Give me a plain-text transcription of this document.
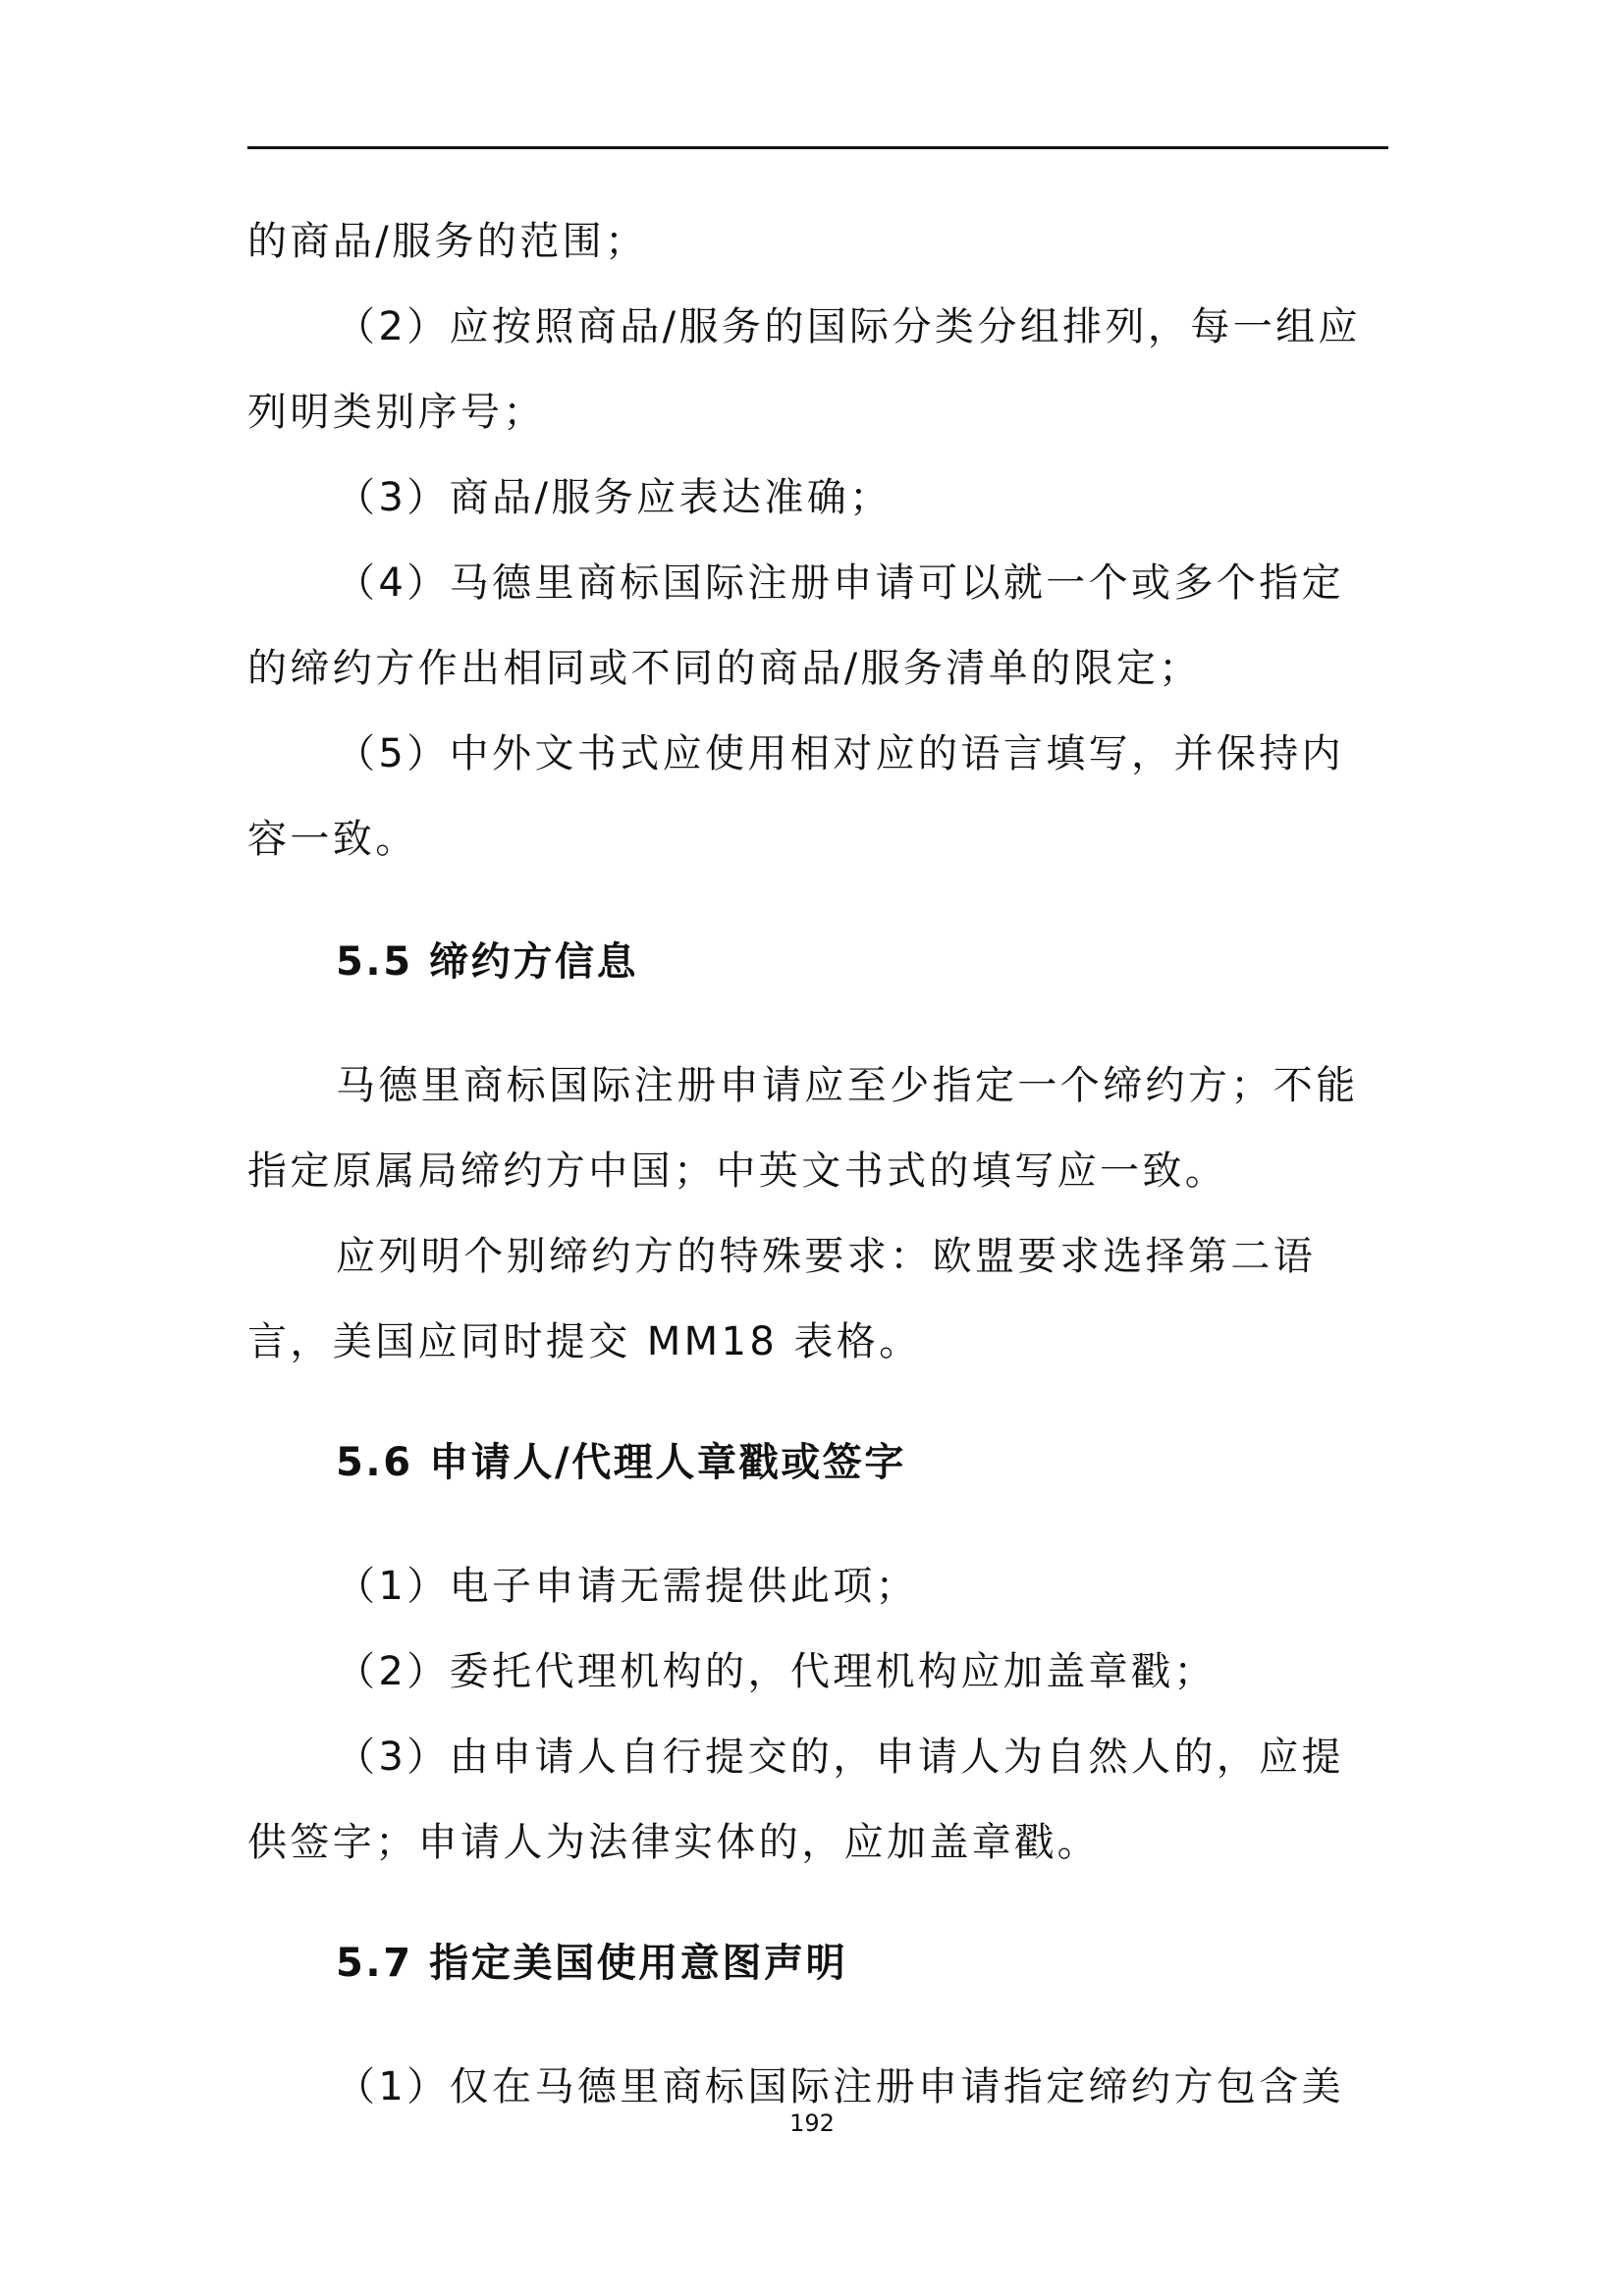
的商品/服务的范围；

（2）应按照商品/服务的国际分类分组排列，每一组应

列明类别序号；

（3）商品/服务应表达准确；

（4）马德里商标国际注册申请可以就一个或多个指定

的缔约方作出相同或不同的商品/服务清单的限定；

（5）中外文书式应使用相对应的语言填写，并保持内

容一致。

5.5 缔约方信息

马德里商标国际注册申请应至少指定一个缔约方；不能

指定原属局缔约方中国；中英文书式的填写应一致。

应列明个别缔约方的特殊要求：欧盟要求选择第二语

言，美国应同时提交 MM18 表格。

5.6 申请人/代理人章戳或签字

（1）电子申请无需提供此项；

（2）委托代理机构的，代理机构应加盖章戳；

（3）由申请人自行提交的，申请人为自然人的，应提

供签字；申请人为法律实体的，应加盖章戳。

5.7 指定美国使用意图声明

（1）仅在马德里商标国际注册申请指定缔约方包含美

192
